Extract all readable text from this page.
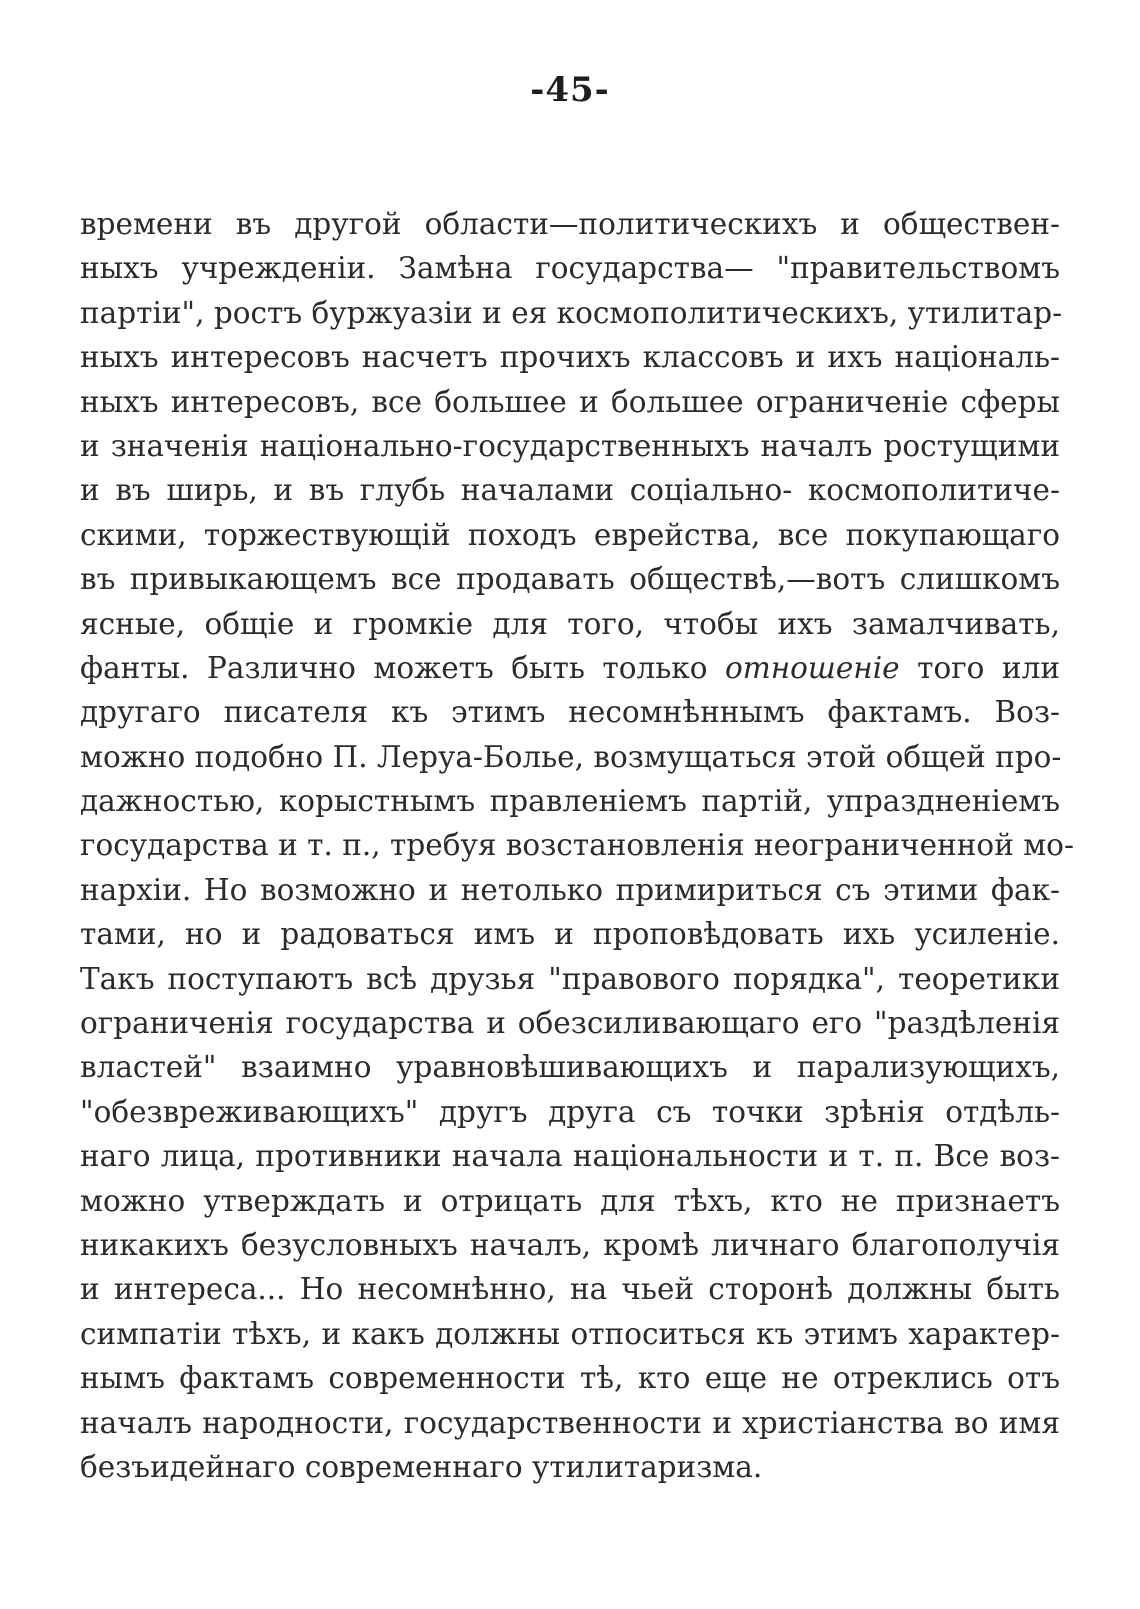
-45-
времени въ другой области—политическихъ и обществен-
ныхъ учрежденiи. Замѣна государства— "правительствомъ
партiи", ростъ буржуазiи и ея космополитическихъ, утилитар-
ныхъ интересовъ насчетъ прочихъ классовъ и ихъ нацiональ-
ныхъ интересовъ, все большее и большее ограниченiе сферы
и значенiя нацiонально-государственныхъ началъ ростущими
и въ ширь, и въ глубь началами соцiально- космополитиче-
скими, торжествующiй походъ еврейства, все покупающаго
въ привыкающемъ все продавать обществѣ,—вотъ слишкомъ
ясные, общiе и громкiе для того, чтобы ихъ замалчивать,
фанты. Различно можетъ быть только отношенiе того или
другаго писателя къ этимъ несомнѣннымъ фактамъ. Воз-
можно подобно П. Леруа-Болье, возмущаться этой общей про-
дажностью, корыстнымъ правленiемъ партiй, упраздненiемъ
государства и т. п., требуя возстановленiя неограниченной мо-
нархiи. Но возможно и нетолько примириться съ этими фак-
тами, но и радоваться имъ и проповѣдовать ихь усиленiе.
Такъ поступаютъ всѣ друзья "правового порядка", теоретики
ограниченiя государства и обезсиливающаго его "раздѣленiя
властей" взаимно уравновѣшивающихъ и парализующихъ,
"обезвреживающихъ" другъ друга съ точки зрѣнiя отдѣль-
наго лица, противники начала нацiональности и т. п. Все воз-
можно утверждать и отрицать для тѣхъ, кто не признаетъ
никакихъ безусловныхъ началъ, кромѣ личнаго благополучiя
и интереса... Но несомнѣнно, на чьей сторонѣ должны быть
симпатiи тѣхъ, и какъ должны отпоситься къ этимъ характер-
нымъ фактамъ современности тѣ, кто еще не отреклись отъ
началъ народности, государственности и христiанства во имя
безъидейнаго современнаго утилитаризма.
